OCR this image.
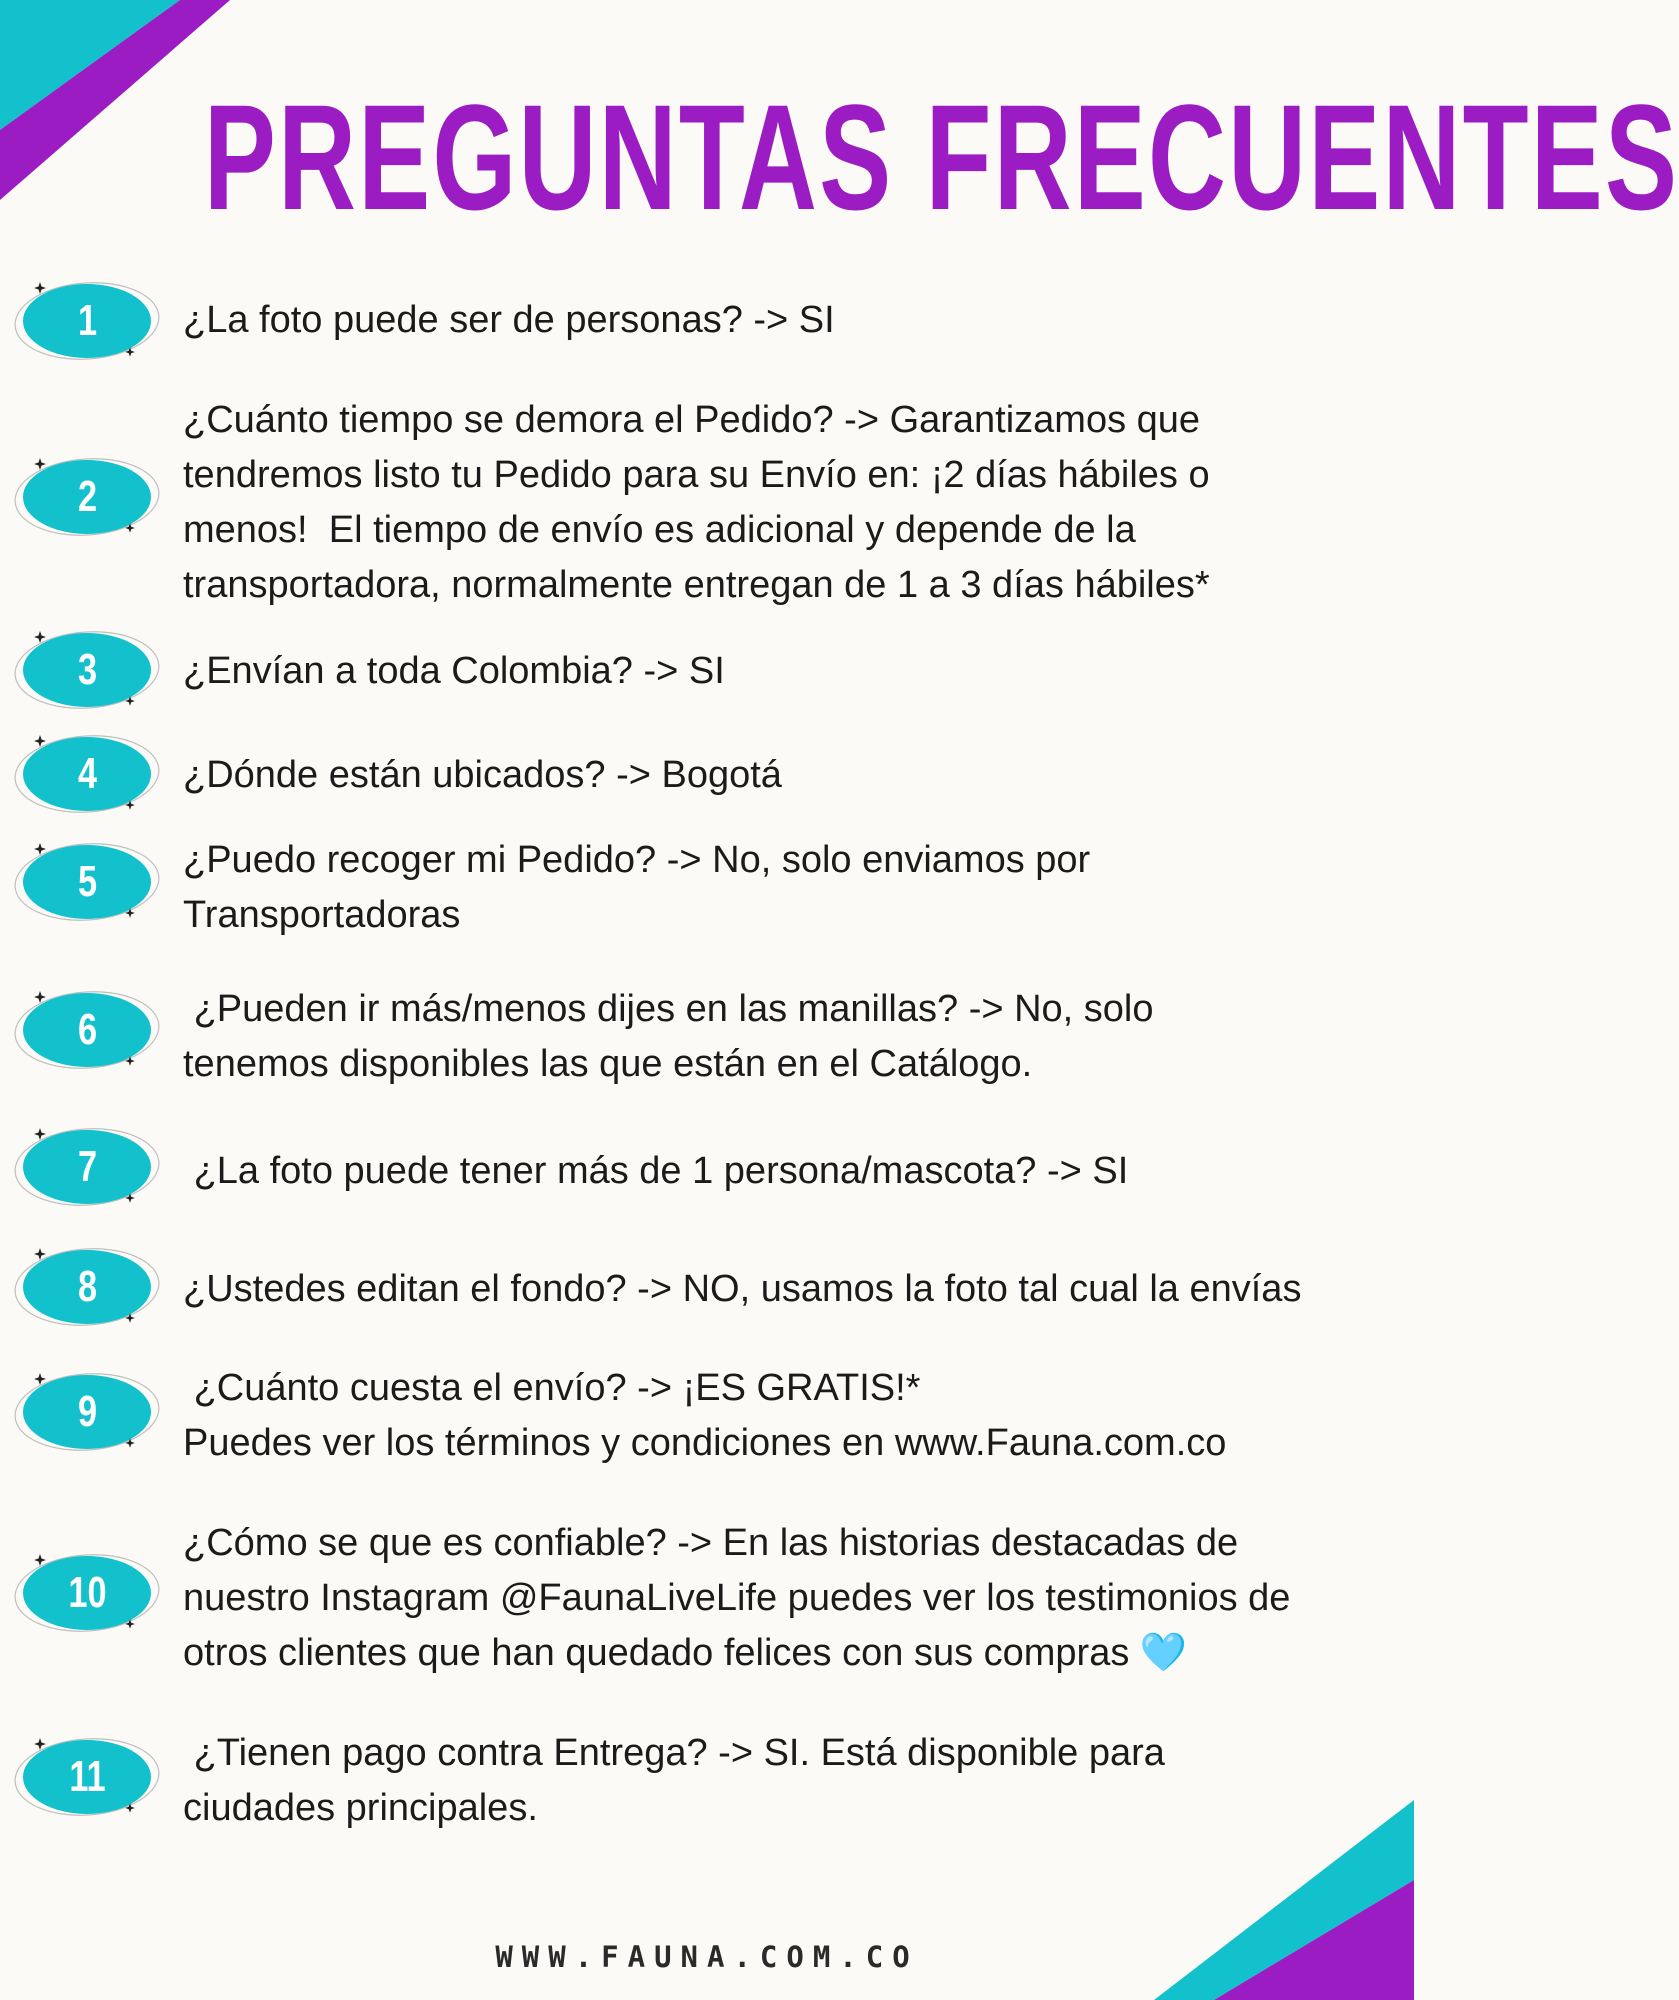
PREGUNTAS FRECUENTES
1	¿La foto puede ser de personas? -> SI

2

¿Cuánto tiempo se demora el Pedido? -> Garantizamos que
tendremos listo tu Pedido para su Envío en: ¡2 días hábiles o
menos!  El tiempo de envío es adicional y depende de la
transportadora, normalmente entregan de 1 a 3 días hábiles*

3	¿Envían a toda Colombia? -> SI

4	¿Dónde están ubicados? -> Bogotá

5	¿Puedo recoger mi Pedido? -> No, solo enviamos por
Transportadoras

6	¿Pueden ir más/menos dijes en las manillas? -> No, solo
tenemos disponibles las que están en el Catálogo.

7	¿La foto puede tener más de 1 persona/mascota? -> SI

8	¿Ustedes editan el fondo? -> NO, usamos la foto tal cual la envías

9	¿Cuánto cuesta el envío? -> ¡ES GRATIS!*
Puedes ver los términos y condiciones en www.Fauna.com.co

10

¿Cómo se que es confiable? -> En las historias destacadas de
nuestro Instagram @FaunaLiveLife puedes ver los testimonios de
otros clientes que han quedado felices con sus compras 🩵

11	¿Tienen pago contra Entrega? -> SI. Está disponible para
ciudades principales.

WWW.FAUNA.COM.CO
